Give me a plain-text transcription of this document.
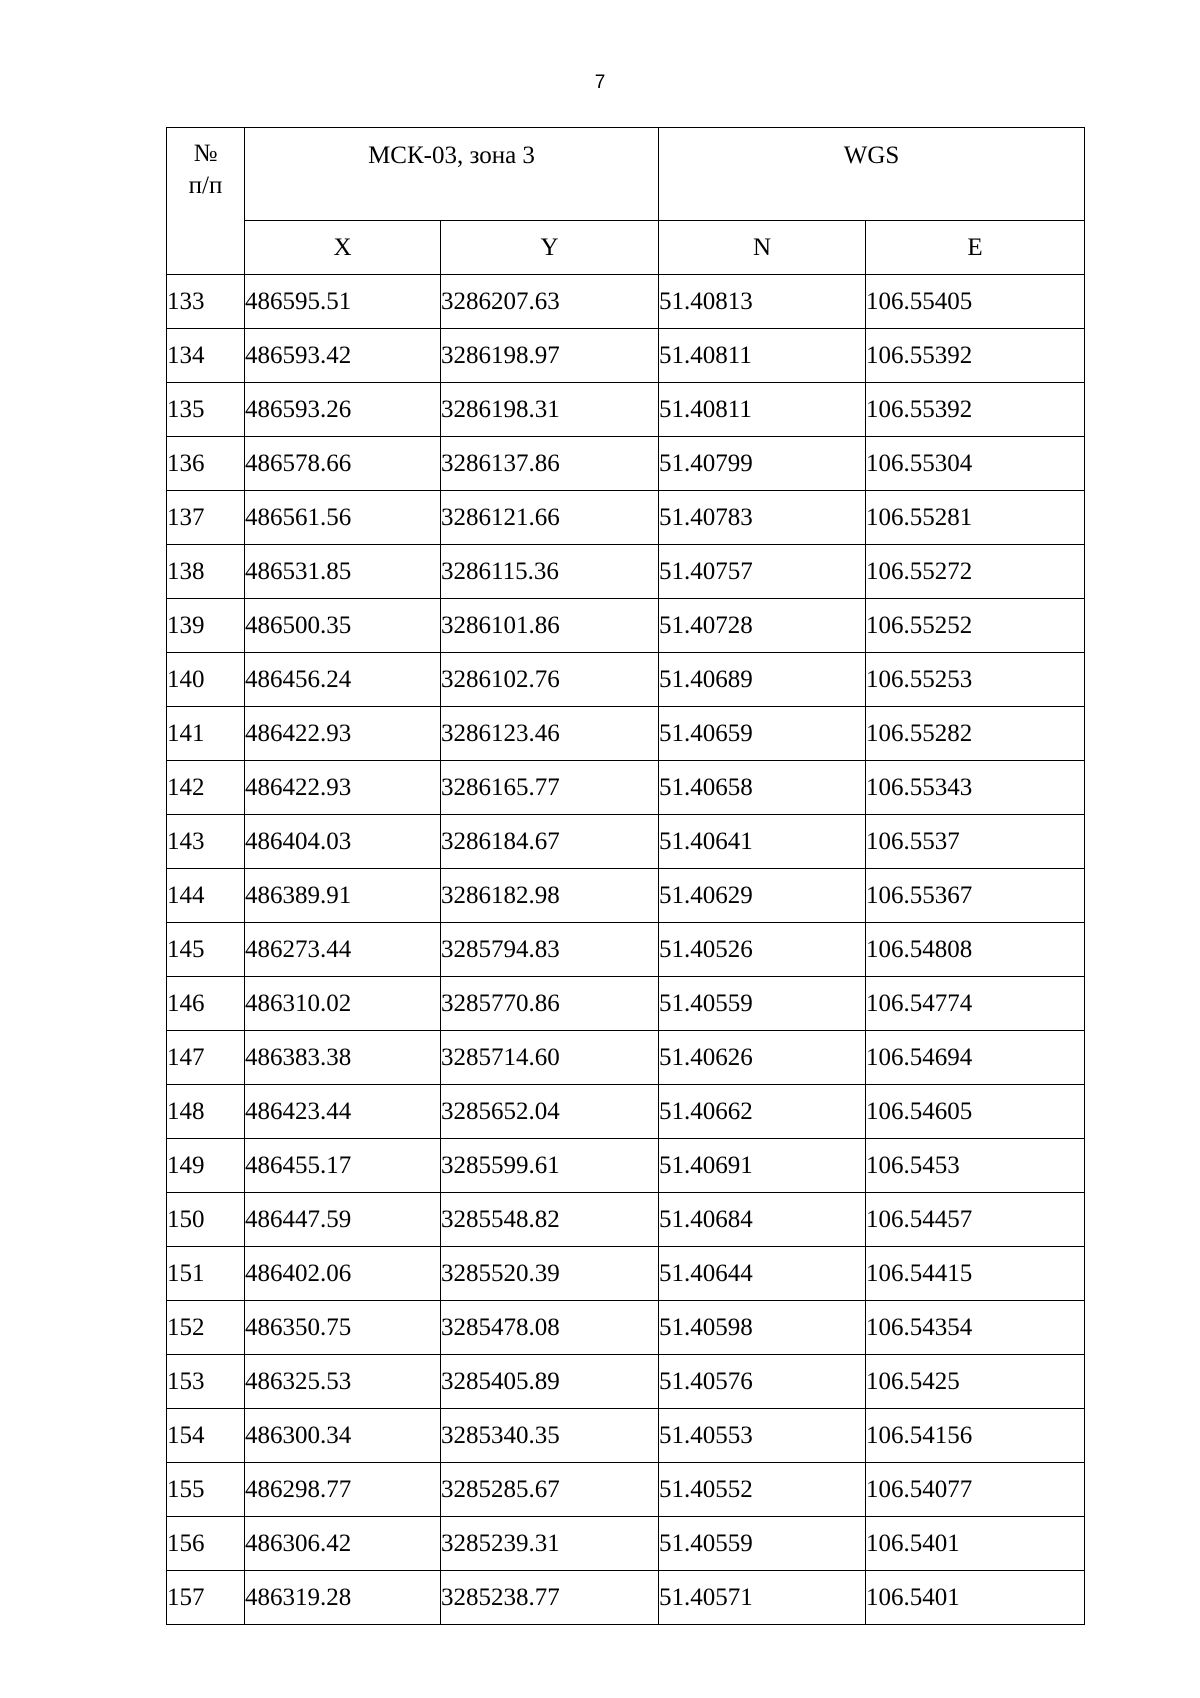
7
№
п/п	МСК-03, зона 3		WGS	
	X	Y	N	E
133	486595.51	3286207.63	51.40813	106.55405
134	486593.42	3286198.97	51.40811	106.55392
135	486593.26	3286198.31	51.40811	106.55392
136	486578.66	3286137.86	51.40799	106.55304
137	486561.56	3286121.66	51.40783	106.55281
138	486531.85	3286115.36	51.40757	106.55272
139	486500.35	3286101.86	51.40728	106.55252
140	486456.24	3286102.76	51.40689	106.55253
141	486422.93	3286123.46	51.40659	106.55282
142	486422.93	3286165.77	51.40658	106.55343
143	486404.03	3286184.67	51.40641	106.5537
144	486389.91	3286182.98	51.40629	106.55367
145	486273.44	3285794.83	51.40526	106.54808
146	486310.02	3285770.86	51.40559	106.54774
147	486383.38	3285714.60	51.40626	106.54694
148	486423.44	3285652.04	51.40662	106.54605
149	486455.17	3285599.61	51.40691	106.5453
150	486447.59	3285548.82	51.40684	106.54457
151	486402.06	3285520.39	51.40644	106.54415
152	486350.75	3285478.08	51.40598	106.54354
153	486325.53	3285405.89	51.40576	106.5425
154	486300.34	3285340.35	51.40553	106.54156
155	486298.77	3285285.67	51.40552	106.54077
156	486306.42	3285239.31	51.40559	106.5401
157	486319.28	3285238.77	51.40571	106.5401
